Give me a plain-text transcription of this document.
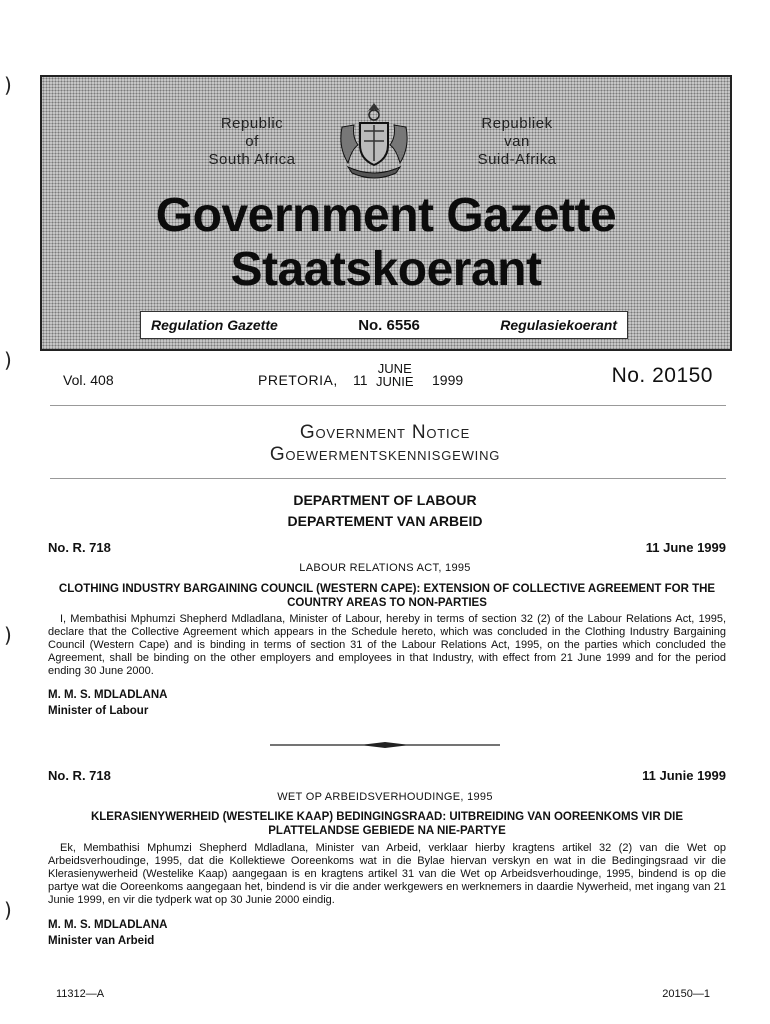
)
)
)
)
Republic
of
South Africa
Republiek
van
Suid-Afrika
Government Gazette
Staatskoerant
Regulation Gazette	No. 6556	Regulasiekoerant
Vol. 408	PRETORIA, 11
JUNE
JUNIE 1999	No. 20150
Government Notice
Goewermentskennisgewing
DEPARTMENT OF LABOUR
DEPARTEMENT VAN ARBEID
No. R. 718	11 June 1999
LABOUR RELATIONS ACT, 1995
CLOTHING INDUSTRY BARGAINING COUNCIL (WESTERN CAPE): EXTENSION OF COLLECTIVE AGREEMENT FOR THE COUNTRY AREAS TO NON-PARTIES
I, Membathisi Mphumzi Shepherd Mdladlana, Minister of Labour, hereby in terms of section 32 (2) of the Labour Relations Act, 1995, declare that the Collective Agreement which appears in the Schedule hereto, which was concluded in the Clothing Industry Bargaining Council (Western Cape) and is binding in terms of section 31 of the Labour Relations Act, 1995, on the parties which concluded the Agreement, shall be binding on the other employers and employees in that Industry, with effect from 21 June 1999 and for the period ending 30 June 2000.
M. M. S. MDLADLANA
Minister of Labour
No. R. 718	11 Junie 1999
WET OP ARBEIDSVERHOUDINGE, 1995
KLERASIENYWERHEID (WESTELIKE KAAP) BEDINGINGSRAAD: UITBREIDING VAN OOREENKOMS VIR DIE PLATTELANDSE GEBIEDE NA NIE-PARTYE
Ek, Membathisi Mphumzi Shepherd Mdladlana, Minister van Arbeid, verklaar hierby kragtens artikel 32 (2) van die Wet op Arbeidsverhoudinge, 1995, dat die Kollektiewe Ooreenkoms wat in die Bylae hiervan verskyn en wat in die Bedingingsraad vir die Klerasienywerheid (Westelike Kaap) aangegaan is en kragtens artikel 31 van die Wet op Arbeidsverhoudinge, 1995, bindend is op die partye wat die Ooreenkoms aangegaan het, bindend is vir die ander werkgewers en werknemers in daardie Nywerheid, met ingang van 21 Junie 1999, en vir die tydperk wat op 30 Junie 2000 eindig.
M. M. S. MDLADLANA
Minister van Arbeid
11312—A	20150—1
